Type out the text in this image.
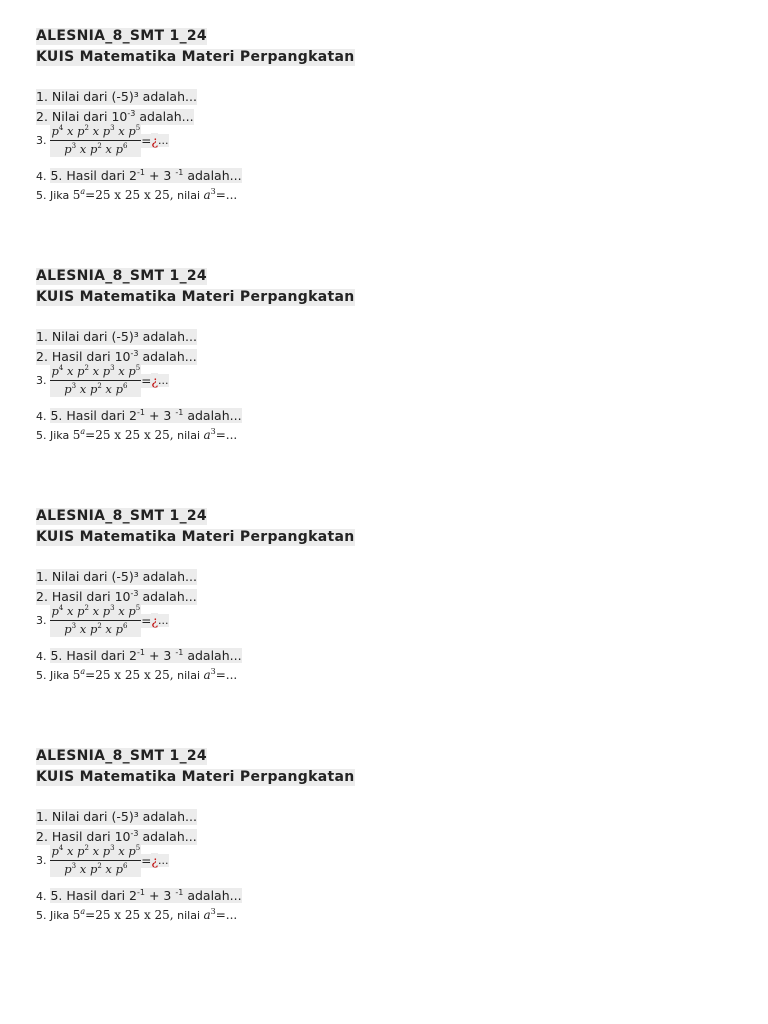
ALESNIA_8_SMT 1_24
KUIS Matematika Materi Perpangkatan
1. Nilai dari (-5)³ adalah...
2. Nilai dari $10^{-3}$ adalah...
3. $\frac{p^4 x p^2 x p^3 x p^5}{p^3 x p^2 x p^6}$ =¿...
4. 5. Hasil dari $2^{-1} + 3$ $^{-1}$ adalah...
5. Jika $5^a=25$ x 25 x 25, nilai $a^3=$...
ALESNIA_8_SMT 1_24
KUIS Matematika Materi Perpangkatan
1. Nilai dari (-5)³ adalah...
2. Hasil dari $10^{-3}$ adalah...
3. $\frac{p^4 x p^2 x p^3 x p^5}{p^3 x p^2 x p^6}$ =¿...
4. 5. Hasil dari $2^{-1} + 3$ $^{-1}$ adalah...
5. Jika $5^a=25$ x 25 x 25, nilai $a^3=$...
ALESNIA_8_SMT 1_24
KUIS Matematika Materi Perpangkatan
1. Nilai dari (-5)³ adalah...
2. Hasil dari $10^{-3}$ adalah...
3. $\frac{p^4 x p^2 x p^3 x p^5}{p^3 x p^2 x p^6}$ =¿...
4. 5. Hasil dari $2^{-1} + 3$ $^{-1}$ adalah...
5. Jika $5^a=25$ x 25 x 25, nilai $a^3=$...
ALESNIA_8_SMT 1_24
KUIS Matematika Materi Perpangkatan
1. Nilai dari (-5)³ adalah...
2. Hasil dari $10^{-3}$ adalah...
3. $\frac{p^4 x p^2 x p^3 x p^5}{p^3 x p^2 x p^6}$ =¿...
4. 5. Hasil dari $2^{-1} + 3$ $^{-1}$ adalah...
5. Jika $5^a=25$ x 25 x 25, nilai $a^3=$...
